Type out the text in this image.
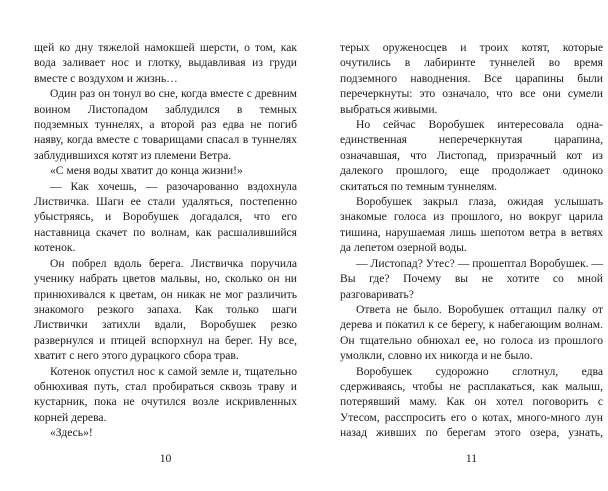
щей ко дну тяжелой намокшей шерсти, о том, как вода заливает нос и глотку, выдавливая из груди вместе с воздухом и жизнь…

Один раз он тонул во сне, когда вместе с древним воином Листопадом заблудился в темных подземных туннелях, а второй раз едва не погиб наяву, когда вместе с товарищами спасал в туннелях заблудившихся котят из племени Ветра.

«С меня воды хватит до конца жизни!»

— Как хочешь, — разочарованно вздохнула Листвичка. Шаги ее стали удаляться, постепенно убыстряясь, и Воробушек догадался, что его наставница скачет по волнам, как расшалившийся котенок.

Он побрел вдоль берега. Листвичка поручила ученику набрать цветов мальвы, но, сколько он ни принюхивался к цветам, он никак не мог различить знакомого резкого запаха. Как только шаги Листвички затихли вдали, Воробушек резко развернулся и птицей вспорхнул на берег. Ну все, хватит с него этого дурацкого сбора трав.

Котенок опустил нос к самой земле и, тщательно обнюхивая путь, стал пробираться сквозь траву и кустарник, пока не очутился возле искривленных корней дерева.

«Здесь»!

10

терых оруженосцев и троих котят, которые очутились в лабиринте туннелей во время подземного наводнения. Все царапины были перечеркнуты: это означало, что все они сумели выбраться живыми.

Но сейчас Воробушек интересовала одна-единственная неперечеркнутая царапина, означавшая, что Листопад, призрачный кот из далекого прошлого, еще продолжает одиноко скитаться по темным туннелям.

Воробушек закрыл глаза, ожидая услышать знакомые голоса из прошлого, но вокруг царила тишина, нарушаемая лишь шепотом ветра в ветвях да лепетом озерной воды.

— Листопад? Утес? — прошептал Воробушек. — Вы где? Почему вы не хотите со мной разговаривать?

Ответа не было. Воробушек оттащил палку от дерева и покатил к се берегу, к набегающим волнам. Он тщательно обнюхал ее, но голоса из прошлого умолкли, словно их никогда и не было.

Воробушек судорожно сглотнул, едва сдерживаясь, чтобы не расплакаться, как малыш, потерявший маму. Как он хотел поговорить с Утесом, расспросить его о котах, много-много лун назад живших по берегам этого озера, узнать,

11
